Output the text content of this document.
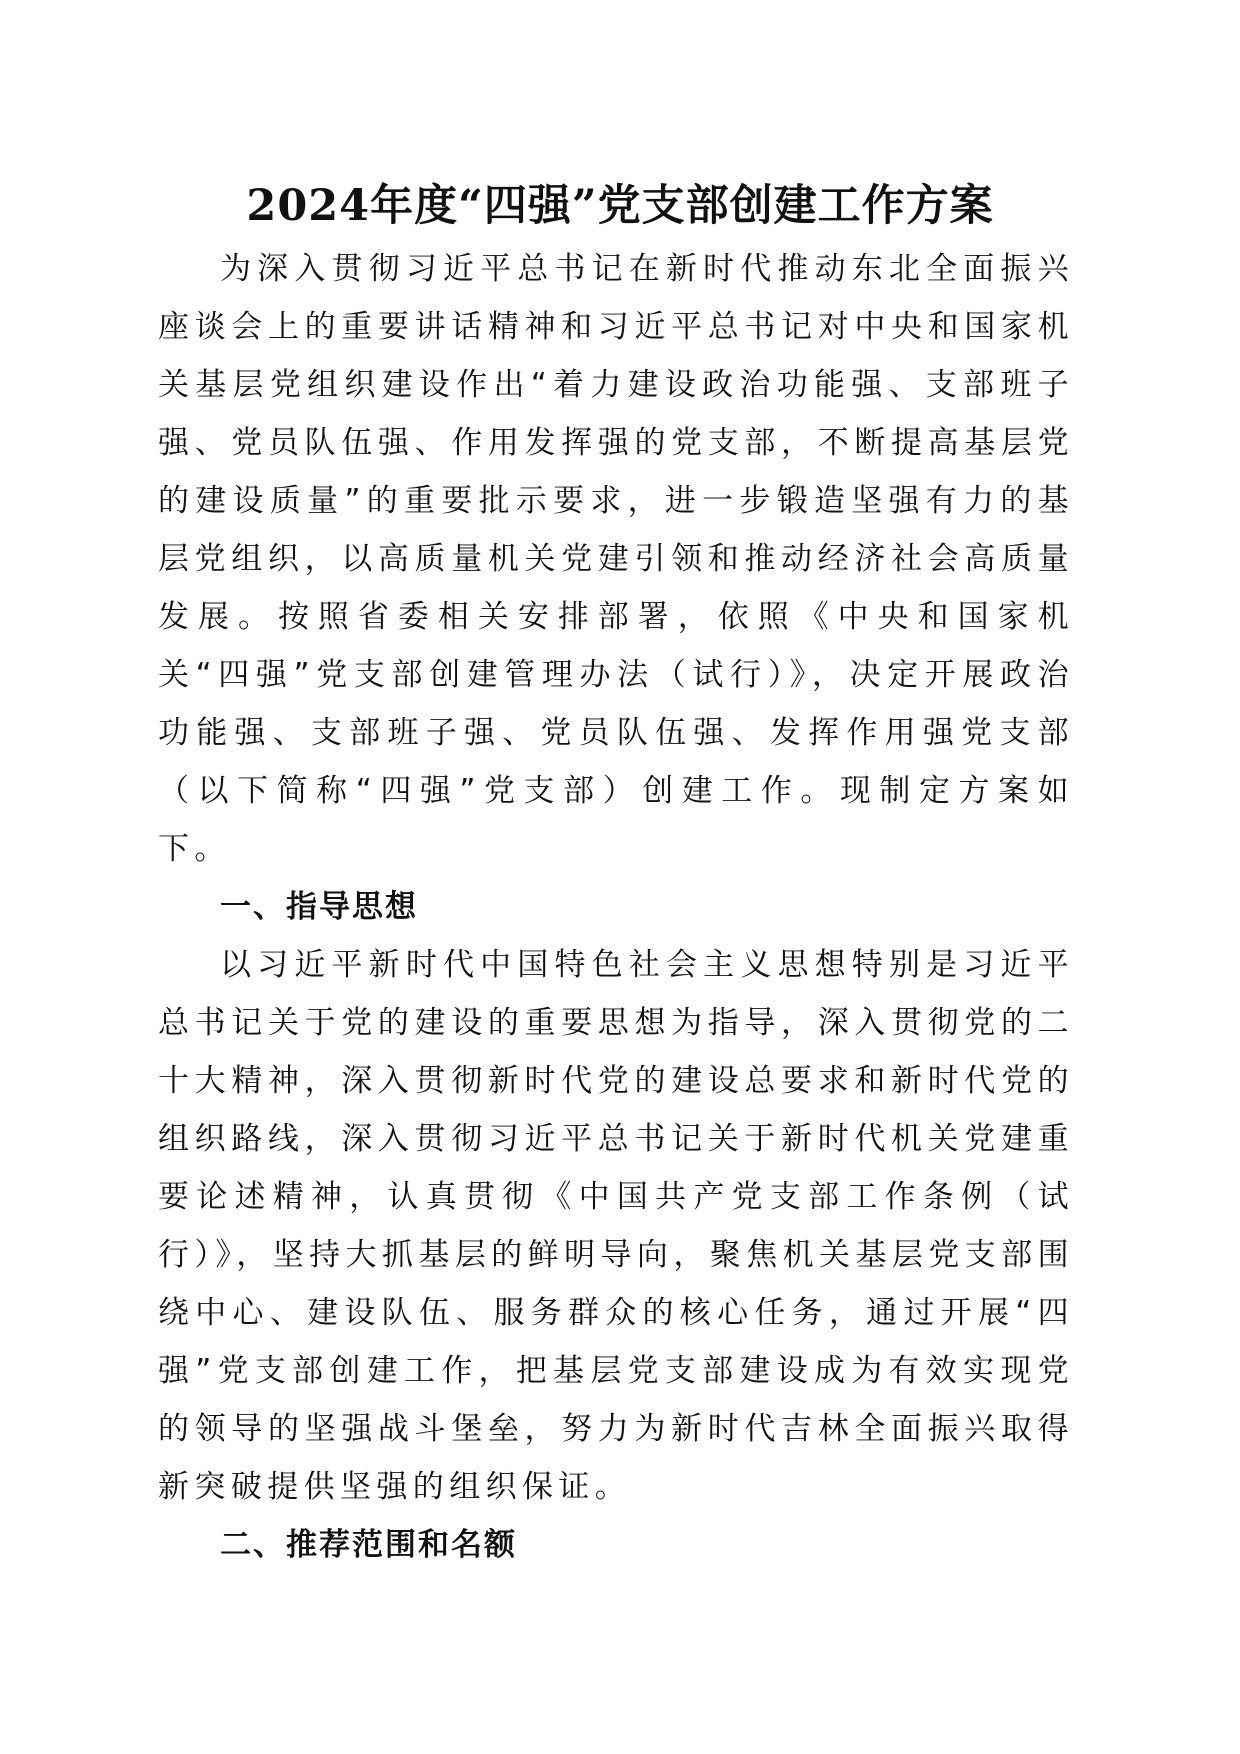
2024年度“四强”党支部创建工作方案

为深入贯彻习近平总书记在新时代推动东北全面振兴座谈会上的重要讲话精神和习近平总书记对中央和国家机关基层党组织建设作出“着力建设政治功能强、支部班子强、党员队伍强、作用发挥强的党支部，不断提高基层党的建设质量”的重要批示要求，进一步锻造坚强有力的基层党组织，以高质量机关党建引领和推动经济社会高质量发展。按照省委相关安排部署，依照《中央和国家机关“四强”党支部创建管理办法（试行）》，决定开展政治功能强、支部班子强、党员队伍强、发挥作用强党支部（以下简称“四强”党支部）创建工作。现制定方案如下。

一、指导思想

以习近平新时代中国特色社会主义思想特别是习近平总书记关于党的建设的重要思想为指导，深入贯彻党的二十大精神，深入贯彻新时代党的建设总要求和新时代党的组织路线，深入贯彻习近平总书记关于新时代机关党建重要论述精神，认真贯彻《中国共产党支部工作条例（试行）》，坚持大抓基层的鲜明导向，聚焦机关基层党支部围绕中心、建设队伍、服务群众的核心任务，通过开展“四强”党支部创建工作，把基层党支部建设成为有效实现党的领导的坚强战斗堡垒，努力为新时代吉林全面振兴取得新突破提供坚强的组织保证。

二、推荐范围和名额
